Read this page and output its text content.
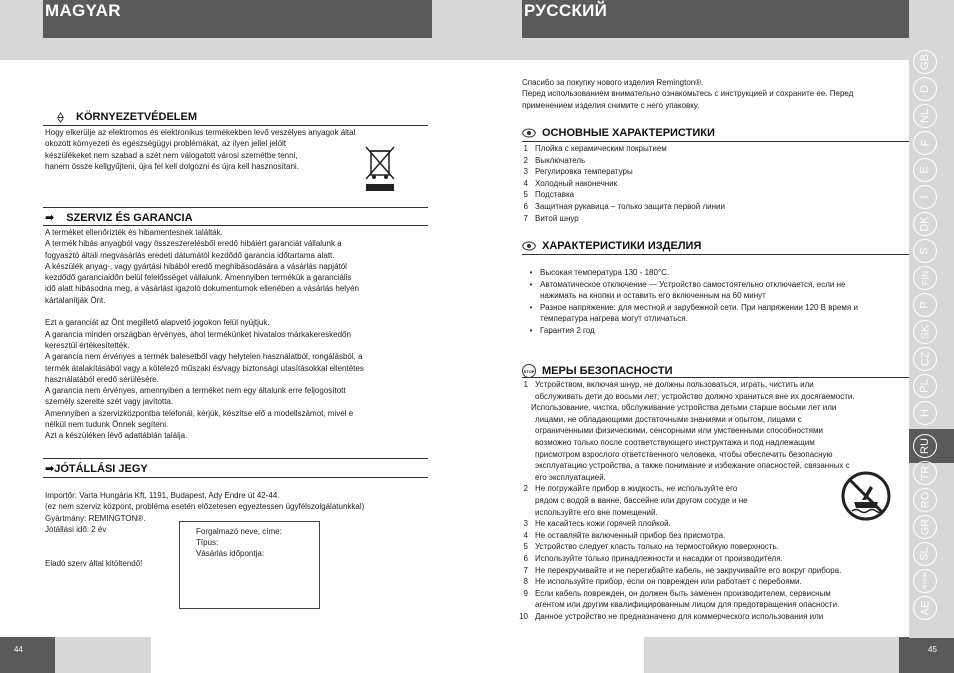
MAGYAR
KÖRNYEZETVÉDELEM

Hogy elkerülje az elektromos és elektronikus termékekben levő veszélyes anyagok által

okozott környezeti és egészségügyi problémákat, az ilyen jellel jelölt

készülékeket nem szabad a szét nem válogatott városi szemétbe tenni,

hanem össze kellgyűjteni, újra fel kell dolgozni és újra kell hasznosítani.

➡ SZERVIZ ÉS GARANCIA

A terméket ellenőrizték és hibamentesnek találták.

A termék hibás anyagból vagy összeszerelésből eredő hibáiért garanciát vállalunk a

fogyasztó általi megvásárlás eredeti dátumától kezdődő garancia időtartama alatt.

A készülék anyag-, vagy gyártási hibából eredő meghibásodására a vásárlás napjától

kezdődő garanciaidőn belül felelősséget vállalunk. Amennyiben termékük a garanciális

idő alatt hibásodna meg, a vásárlást igazoló dokumentumok ellenében a vásárlás helyén

kártalanítják Önt.

Ezt a garanciát az Önt megillető alapvető jogokon felül nyújtjuk.

A garancia minden országban érvényes, ahol termékünket hivatalos márkakereskedőn

keresztül értékesítették.

A garancia nem érvényes a termék balesetből vagy helytelen használatból, rongálásból, a

termék átalakításából vagy a kötelező műszaki és/vagy biztonsági utasításokkal ellentétes

használatából eredő sérülésére.

A garancia nem érvényes, amennyiben a terméket nem egy általunk erre feljogosított

személy szerelte szét vagy javította.

Amennyiben a szervizközpontba telefonál, kérjük, készítse elő a modellszámot, mivel e

nélkül nem tudunk Önnek segíteni.

Azt a készüléken lévő adattáblán találja.

➡ JÓTÁLLÁSI JEGY

Importőr: Varta Hungária Kft, 1191, Budapest, Ady Endre út 42-44.

(ez nem szerviz központ, probléma esetén előzetesen egyeztessen ügyfélszolgálatunkkal)

Gyártmány: REMINGTON®.

Jótállási idő: 2 év

Eladó szerv által kitöltendő!
Forgalmazó neve, címe:
Típus:
Vásárlás időpontja:
44
РУССКИЙ

Спасибо за покупку нового изделия Remington®.

Перед использованием внимательно ознакомьтесь с инструкцией и сохраните ее. Перед

применением изделия снимите с него упаковку.

ОСНОВНЫЕ ХАРАКТЕРИСТИКИ
1 Плойка с керамическим покрытием
2 Выключатель
3 Регулировка температуры
4 Холодный наконечник
5 Подставка
6 Защитная рукавица – только защита первой линии
7 Витой шнур
ХАРАКТЕРИСТИКИ ИЗДЕЛИЯ
• Высокая температура 130 - 180°C.
• Автоматическое отключение — Устройство самостоятельно отключается, если не
нажимать на кнопки и оставить его включенным на 60 минут
• Разное напряжение: для местной и зарубежной сети. При напряжении 120 В время и
температура нагрева могут отличаться.
• Гарантия 2 год
STOP МЕРЫ БЕЗОПАСНОСТИ
1 Устройством, включая шнур, не должны пользоваться, играть, чистить или
обслуживать дети до восьми лет; устройство должно храниться вне их досягаемости.
Использование, чистка, обслуживание устройства детьми старше восьми лет или
лицами, не обладающими достаточными знаниями и опытом, лицами с
ограниченными физическими, сенсорными или умственными способностями
возможно только после соответствующего инструктажа и под надлежащим
присмотром взрослого ответственного человека, чтобы обеспечить безопасную
эксплуатацию устройства, а также понимание и избежание опасностей, связанных с
его эксплуатацией.
2 Не погружайте прибор в жидкость, не используйте его
рядом с водой в ванне, бассейне или другом сосуде и не
используйте его вне помещений.
3 Не касайтесь кожи горячей плойкой.
4 Не оставляйте включенный прибор без присмотра.
5 Устройство следует класть только на термостойкую поверхность.
6 Используйте только принадлежности и насадки от производителя.
7 Не перекручивайте и не перегибайте кабель, не закручивайте его вокруг прибора.
8 Не используйте прибор, если он поврежден или работает с перебоями.
9 Если кабель поврежден, он должен быть заменен производителем, сервисным
агентом или другим квалифицированным лицом для предотвращения опасности.
10 Данное устройство не предназначено для коммерческого использования или
45
GB
D
NL
F
E
I
DK
S
FIN
P
SK
CZ
PL
H
RU
TR
RO
GR
SL
HR/BIH
AE
